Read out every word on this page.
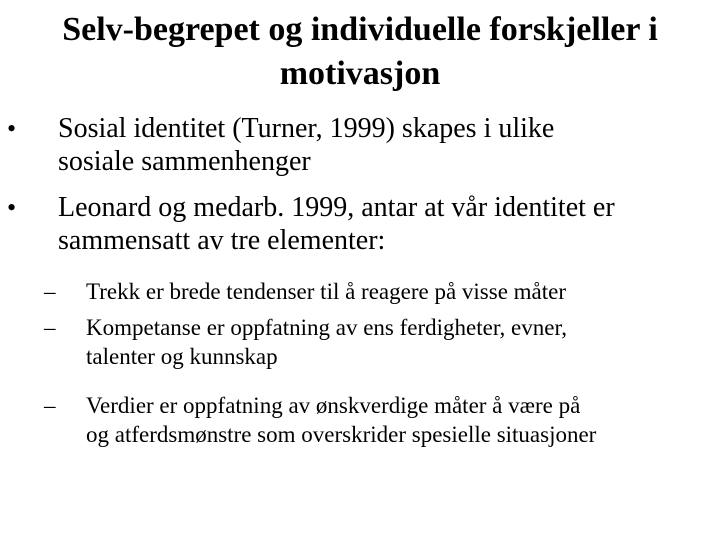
Selv-begrepet og individuelle forskjeller i
motivasjon
• Sosial identitet (Turner, 1999) skapes i ulike
sosiale sammenhenger
• Leonard og medarb. 1999, antar at vår identitet er
sammensatt av tre elementer:
– Trekk er brede tendenser til å reagere på visse måter
– Kompetanse er oppfatning av ens ferdigheter, evner,
talenter og kunnskap
– Verdier er oppfatning av ønskverdige måter å være på
og atferdsmønstre som overskrider spesielle situasjoner
